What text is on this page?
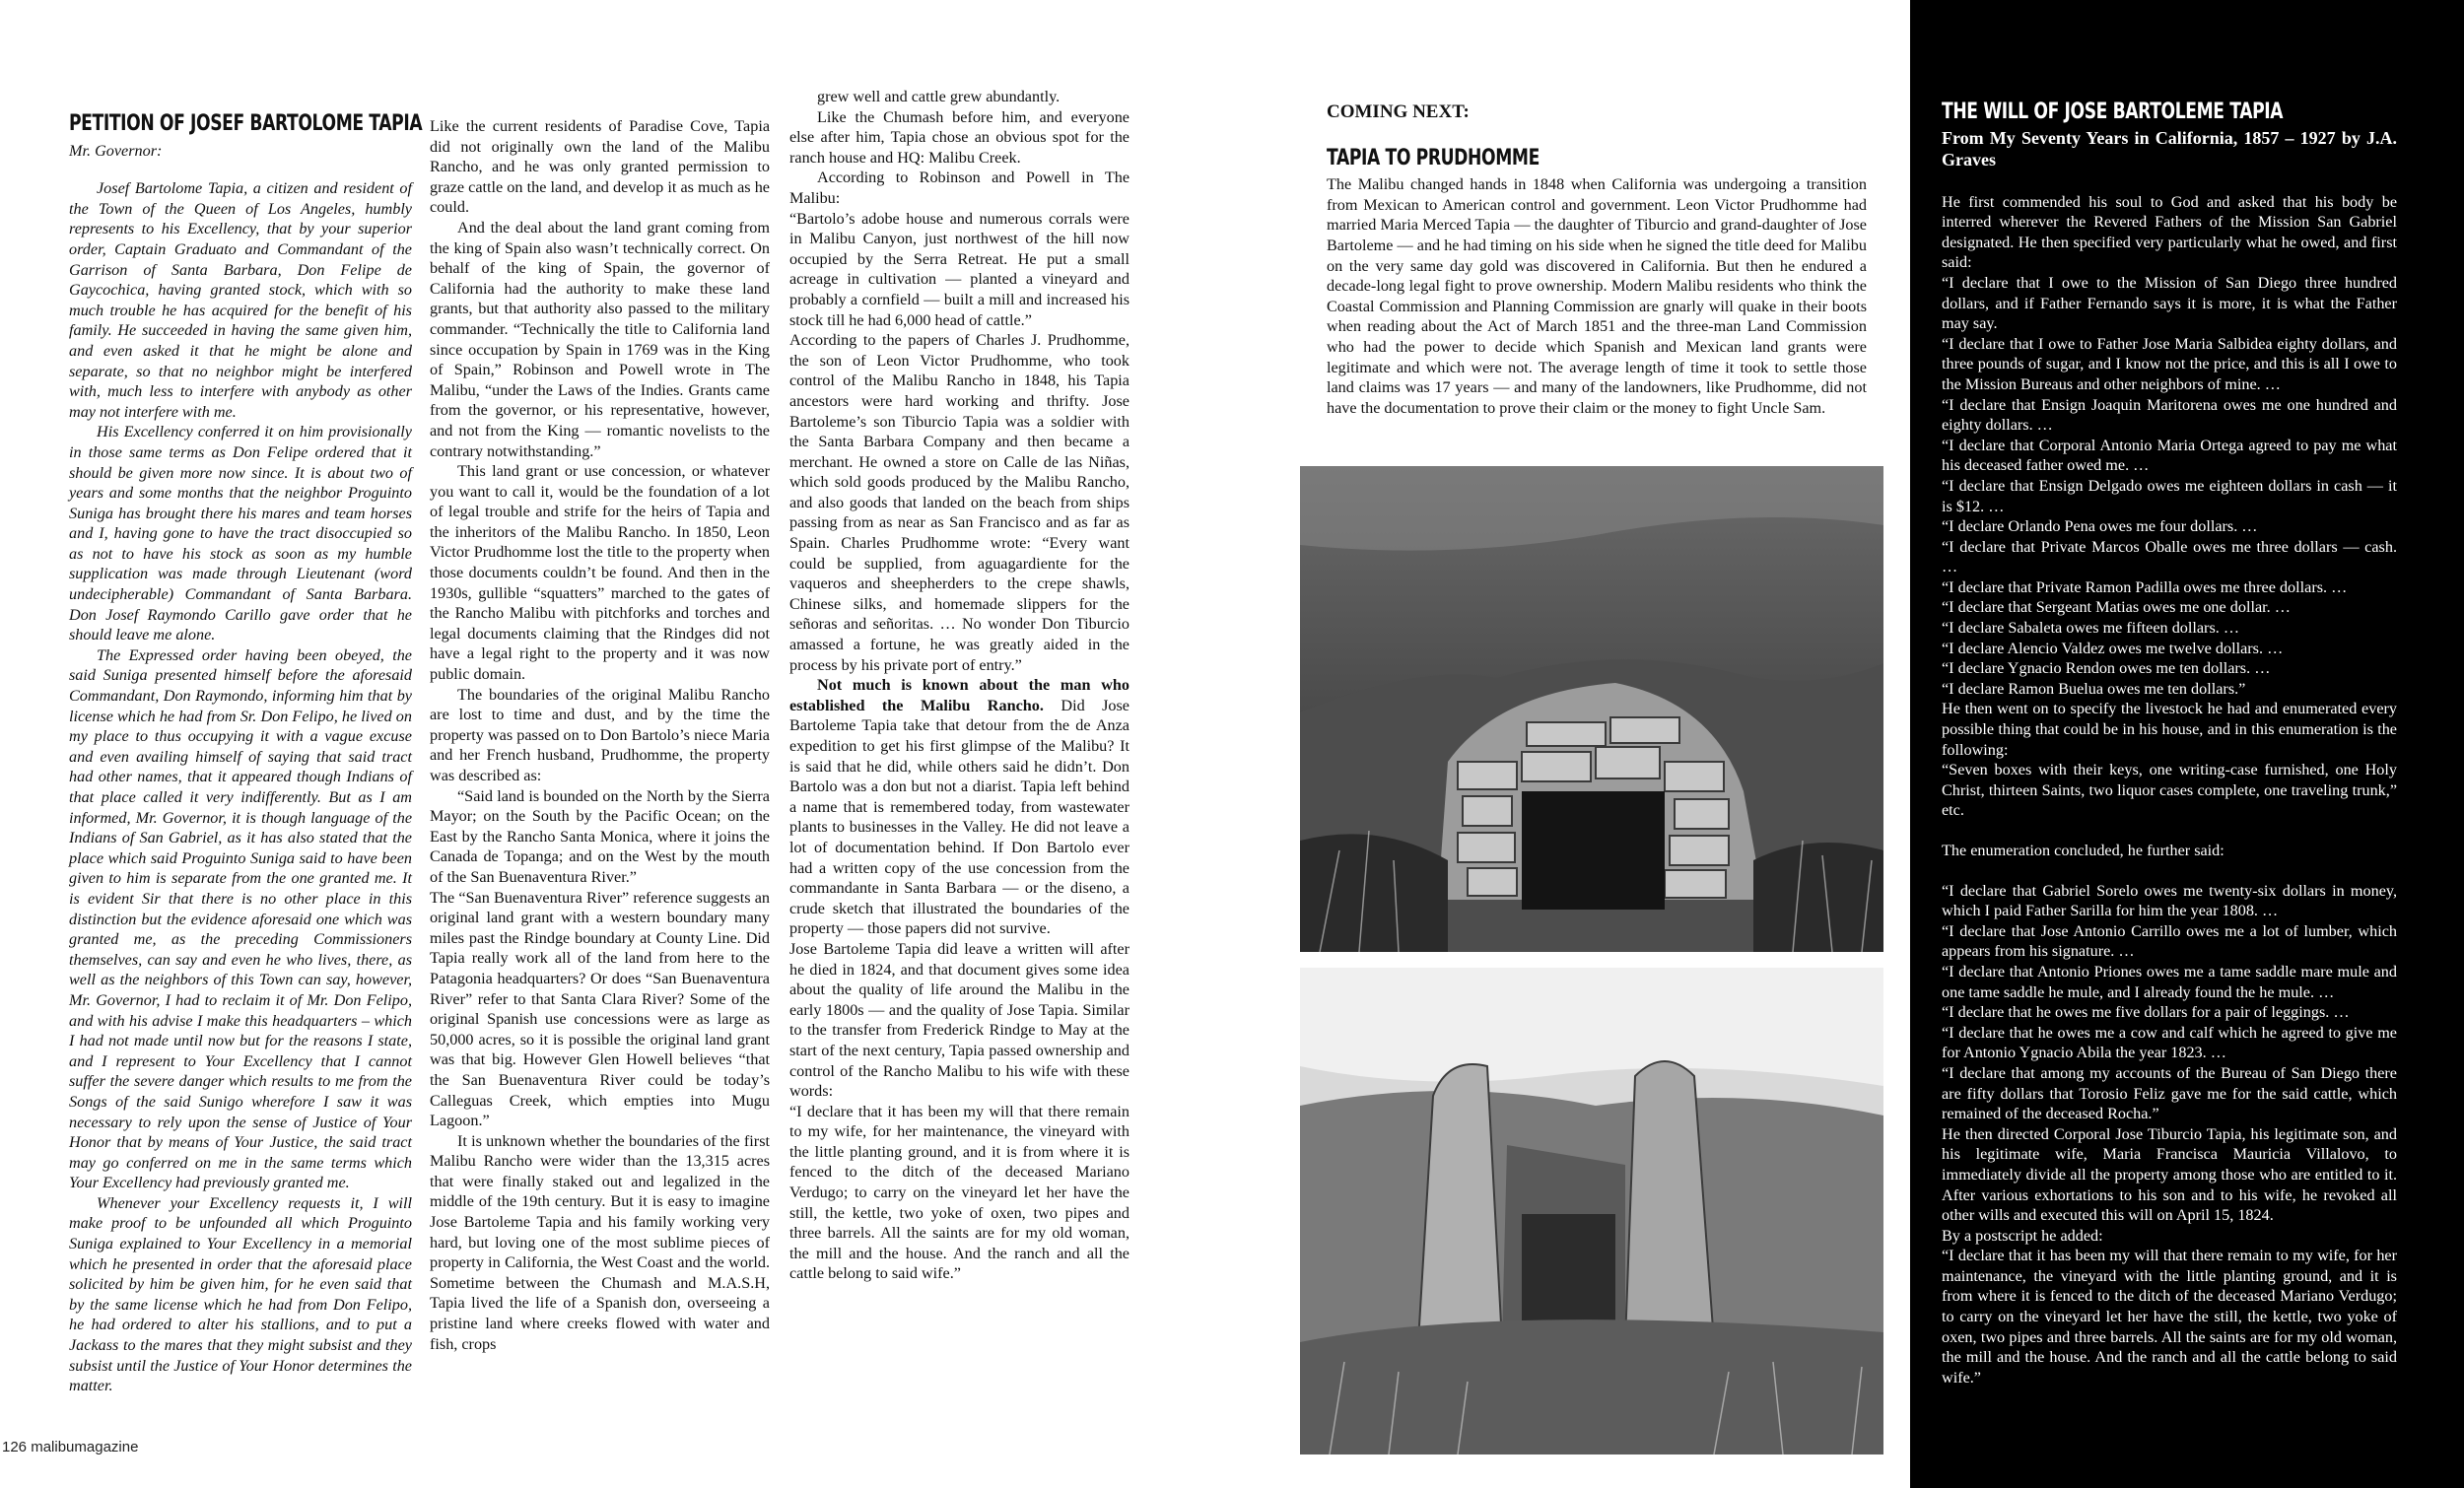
PETITION OF JOSEF BARTOLOME TAPIA

Mr. Governor:

Josef Bartolome Tapia, a citizen and resident of the Town of the Queen of Los Angeles, humbly represents to his Excellency, that by your superior order, Captain Graduato and Commandant of the Garrison of Santa Barbara, Don Felipe de Gaycochica, having granted stock, which with so much trouble he has acquired for the benefit of his family. He succeeded in having the same given him, and even asked it that he might be alone and separate, so that no neighbor might be interfered with, much less to interfere with anybody as other may not interfere with me.

His Excellency conferred it on him provisionally in those same terms as Don Felipe ordered that it should be given more now since. It is about two of years and some months that the neighbor Proguinto Suniga has brought there his mares and team horses and I, having gone to have the tract disoccupied so as not to have his stock as soon as my humble supplication was made through Lieutenant (word undecipherable) Commandant of Santa Barbara. Don Josef Raymondo Carillo gave order that he should leave me alone.

The Expressed order having been obeyed, the said Suniga presented himself before the aforesaid Commandant, Don Raymondo, informing him that by license which he had from Sr. Don Felipo, he lived on my place to thus occupying it with a vague excuse and even availing himself of saying that said tract had other names, that it appeared though Indians of that place called it very indifferently. But as I am informed, Mr. Governor, it is though language of the Indians of San Gabriel, as it has also stated that the place which said Proguinto Suniga said to have been given to him is separate from the one granted me. It is evident Sir that there is no other place in this distinction but the evidence aforesaid one which was granted me, as the preceding Commissioners themselves, can say and even he who lives, there, as well as the neighbors of this Town can say, however, Mr. Governor, I had to reclaim it of Mr. Don Felipo, and with his advise I make this headquarters – which I had not made until now but for the reasons I state, and I represent to Your Excellency that I cannot suffer the severe danger which results to me from the Songs of the said Sunigo wherefore I saw it was necessary to rely upon the sense of Justice of Your Honor that by means of Your Justice, the said tract may go conferred on me in the same terms which Your Excellency had previously granted me.

Whenever your Excellency requests it, I will make proof to be unfounded all which Proguinto Suniga explained to Your Excellency in a memorial which he presented in order that the aforesaid place solicited by him be given him, for he even said that by the same license which he had from Don Felipo, he had ordered to alter his stallions, and to put a Jackass to the mares that they might subsist and they subsist until the Justice of Your Honor determines the matter.

Like the current residents of Paradise Cove, Tapia did not originally own the land of the Malibu Rancho, and he was only granted permission to graze cattle on the land, and develop it as much as he could.

And the deal about the land grant coming from the king of Spain also wasn’t technically correct. On behalf of the king of Spain, the governor of California had the authority to make these land grants, but that authority also passed to the military commander. “Technically the title to California land since occupation by Spain in 1769 was in the King of Spain,” Robinson and Powell wrote in The Malibu, “under the Laws of the Indies. Grants came from the governor, or his representative, however, and not from the King — romantic novelists to the contrary notwithstanding.”

This land grant or use concession, or whatever you want to call it, would be the foundation of a lot of legal trouble and strife for the heirs of Tapia and the inheritors of the Malibu Rancho. In 1850, Leon Victor Prudhomme lost the title to the property when those documents couldn’t be found. And then in the 1930s, gullible “squatters” marched to the gates of the Rancho Malibu with pitchforks and torches and legal documents claiming that the Rindges did not have a legal right to the property and it was now public domain.

The boundaries of the original Malibu Rancho are lost to time and dust, and by the time the property was passed on to Don Bartolo’s niece Maria and her French husband, Prudhomme, the property was described as:

“Said land is bounded on the North by the Sierra Mayor; on the South by the Pacific Ocean; on the East by the Rancho Santa Monica, where it joins the Canada de Topanga; and on the West by the mouth of the San Buenaventura River.”

The “San Buenaventura River” reference suggests an original land grant with a western boundary many miles past the Rindge boundary at County Line. Did Tapia really work all of the land from here to the Patagonia headquarters? Or does “San Buenaventura River” refer to that Santa Clara River? Some of the original Spanish use concessions were as large as 50,000 acres, so it is possible the original land grant was that big. However Glen Howell believes “that the San Buenaventura River could be today’s Calleguas Creek, which empties into Mugu Lagoon.”

It is unknown whether the boundaries of the first Malibu Rancho were wider than the 13,315 acres that were finally staked out and legalized in the middle of the 19th century. But it is easy to imagine Jose Bartoleme Tapia and his family working very hard, but loving one of the most sublime pieces of property in California, the West Coast and the world. Sometime between the Chumash and M.A.S.H, Tapia lived the life of a Spanish don, overseeing a pristine land where creeks flowed with water and fish, crops

grew well and cattle grew abundantly.

Like the Chumash before him, and everyone else after him, Tapia chose an obvious spot for the ranch house and HQ: Malibu Creek.

According to Robinson and Powell in The Malibu:

“Bartolo’s adobe house and numerous corrals were in Malibu Canyon, just northwest of the hill now occupied by the Serra Retreat. He put a small acreage in cultivation — planted a vineyard and probably a cornfield — built a mill and increased his stock till he had 6,000 head of cattle.”

According to the papers of Charles J. Prudhomme, the son of Leon Victor Prudhomme, who took control of the Malibu Rancho in 1848, his Tapia ancestors were hard working and thrifty. Jose Bartoleme’s son Tiburcio Tapia was a soldier with the Santa Barbara Company and then became a merchant. He owned a store on Calle de las Niñas, which sold goods produced by the Malibu Rancho, and also goods that landed on the beach from ships passing from as near as San Francisco and as far as Spain. Charles Prudhomme wrote: “Every want could be supplied, from aguagardiente for the vaqueros and sheepherders to the crepe shawls, Chinese silks, and homemade slippers for the señoras and señoritas. … No wonder Don Tiburcio amassed a fortune, he was greatly aided in the process by his private port of entry.”

Not much is known about the man who established the Malibu Rancho. Did Jose Bartoleme Tapia take that detour from the de Anza expedition to get his first glimpse of the Malibu? It is said that he did, while others said he didn’t. Don Bartolo was a don but not a diarist. Tapia left behind a name that is remembered today, from wastewater plants to businesses in the Valley. He did not leave a lot of documentation behind. If Don Bartolo ever had a written copy of the use concession from the commandante in Santa Barbara — or the diseno, a crude sketch that illustrated the boundaries of the property — those papers did not survive.

Jose Bartoleme Tapia did leave a written will after he died in 1824, and that document gives some idea about the quality of life around the Malibu in the early 1800s — and the quality of Jose Tapia. Similar to the transfer from Frederick Rindge to May at the start of the next century, Tapia passed ownership and control of the Rancho Malibu to his wife with these words:

“I declare that it has been my will that there remain to my wife, for her maintenance, the vineyard with the little planting ground, and it is from where it is fenced to the ditch of the deceased Mariano Verdugo; to carry on the vineyard let her have the still, the kettle, two yoke of oxen, two pipes and three barrels. All the saints are for my old woman, the mill and the house. And the ranch and all the cattle belong to said wife.”

COMING NEXT:
TAPIA TO PRUDHOMME

The Malibu changed hands in 1848 when California was undergoing a transition from Mexican to American control and government. Leon Victor Prudhomme had married Maria Merced Tapia — the daughter of Tiburcio and grand-daughter of Jose Bartoleme — and he had timing on his side when he signed the title deed for Malibu on the very same day gold was discovered in California. But then he endured a decade-long legal fight to prove ownership. Modern Malibu residents who think the Coastal Commission and Planning Commission are gnarly will quake in their boots when reading about the Act of March 1851 and the three-man Land Commission who had the power to decide which Spanish and Mexican land grants were legitimate and which were not. The average length of time it took to settle those land claims was 17 years — and many of the landowners, like Prudhomme, did not have the documentation to prove their claim or the money to fight Uncle Sam.

THE WILL OF JOSE BARTOLEME TAPIA
From My Seventy Years in California, 1857 – 1927 by J.A. Graves

He first commended his soul to God and asked that his body be interred wherever the Revered Fathers of the Mission San Gabriel designated. He then specified very particularly what he owed, and first said:

“I declare that I owe to the Mission of San Diego three hundred dollars, and if Father Fernando says it is more, it is what the Father may say.

“I declare that I owe to Father Jose Maria Salbidea eighty dollars, and three pounds of sugar, and I know not the price, and this is all I owe to the Mission Bureaus and other neighbors of mine. …

“I declare that Ensign Joaquin Maritorena owes me one hundred and eighty dollars. …

“I declare that Corporal Antonio Maria Ortega agreed to pay me what his deceased father owed me. …

“I declare that Ensign Delgado owes me eighteen dollars in cash — it is $12. …

“I declare Orlando Pena owes me four dollars. …

“I declare that Private Marcos Oballe owes me three dollars — cash. …

“I declare that Private Ramon Padilla owes me three dollars. …

“I declare that Sergeant Matias owes me one dollar. …

“I declare Sabaleta owes me fifteen dollars. …

“I declare Alencio Valdez owes me twelve dollars. …

“I declare Ygnacio Rendon owes me ten dollars. …

“I declare Ramon Buelua owes me ten dollars.”

He then went on to specify the livestock he had and enumerated every possible thing that could be in his house, and in this enumeration is the following:

“Seven boxes with their keys, one writing-case furnished, one Holy Christ, thirteen Saints, two liquor cases complete, one traveling trunk,” etc.

The enumeration concluded, he further said:

“I declare that Gabriel Sorelo owes me twenty-six dollars in money, which I paid Father Sarilla for him the year 1808. …

“I declare that Jose Antonio Carrillo owes me a lot of lumber, which appears from his signature. …

“I declare that Antonio Priones owes me a tame saddle mare mule and one tame saddle he mule, and I already found the he mule. …

“I declare that he owes me five dollars for a pair of leggings. …

“I declare that he owes me a cow and calf which he agreed to give me for Antonio Ygnacio Abila the year 1823. …

“I declare that among my accounts of the Bureau of San Diego there are fifty dollars that Torosio Feliz gave me for the said cattle, which remained of the deceased Rocha.”

He then directed Corporal Jose Tiburcio Tapia, his legitimate son, and his legitimate wife, Maria Francisca Mauricia Villalovo, to immediately divide all the property among those who are entitled to it. After various exhortations to his son and to his wife, he revoked all other wills and executed this will on April 15, 1824.

By a postscript he added:

“I declare that it has been my will that there remain to my wife, for her maintenance, the vineyard with the little planting ground, and it is from where it is fenced to the ditch of the deceased Mariano Verdugo; to carry on the vineyard let her have the still, the kettle, two yoke of oxen, two pipes and three barrels. All the saints are for my old woman, the mill and the house. And the ranch and all the cattle belong to said wife.”

126 malibumagazine
